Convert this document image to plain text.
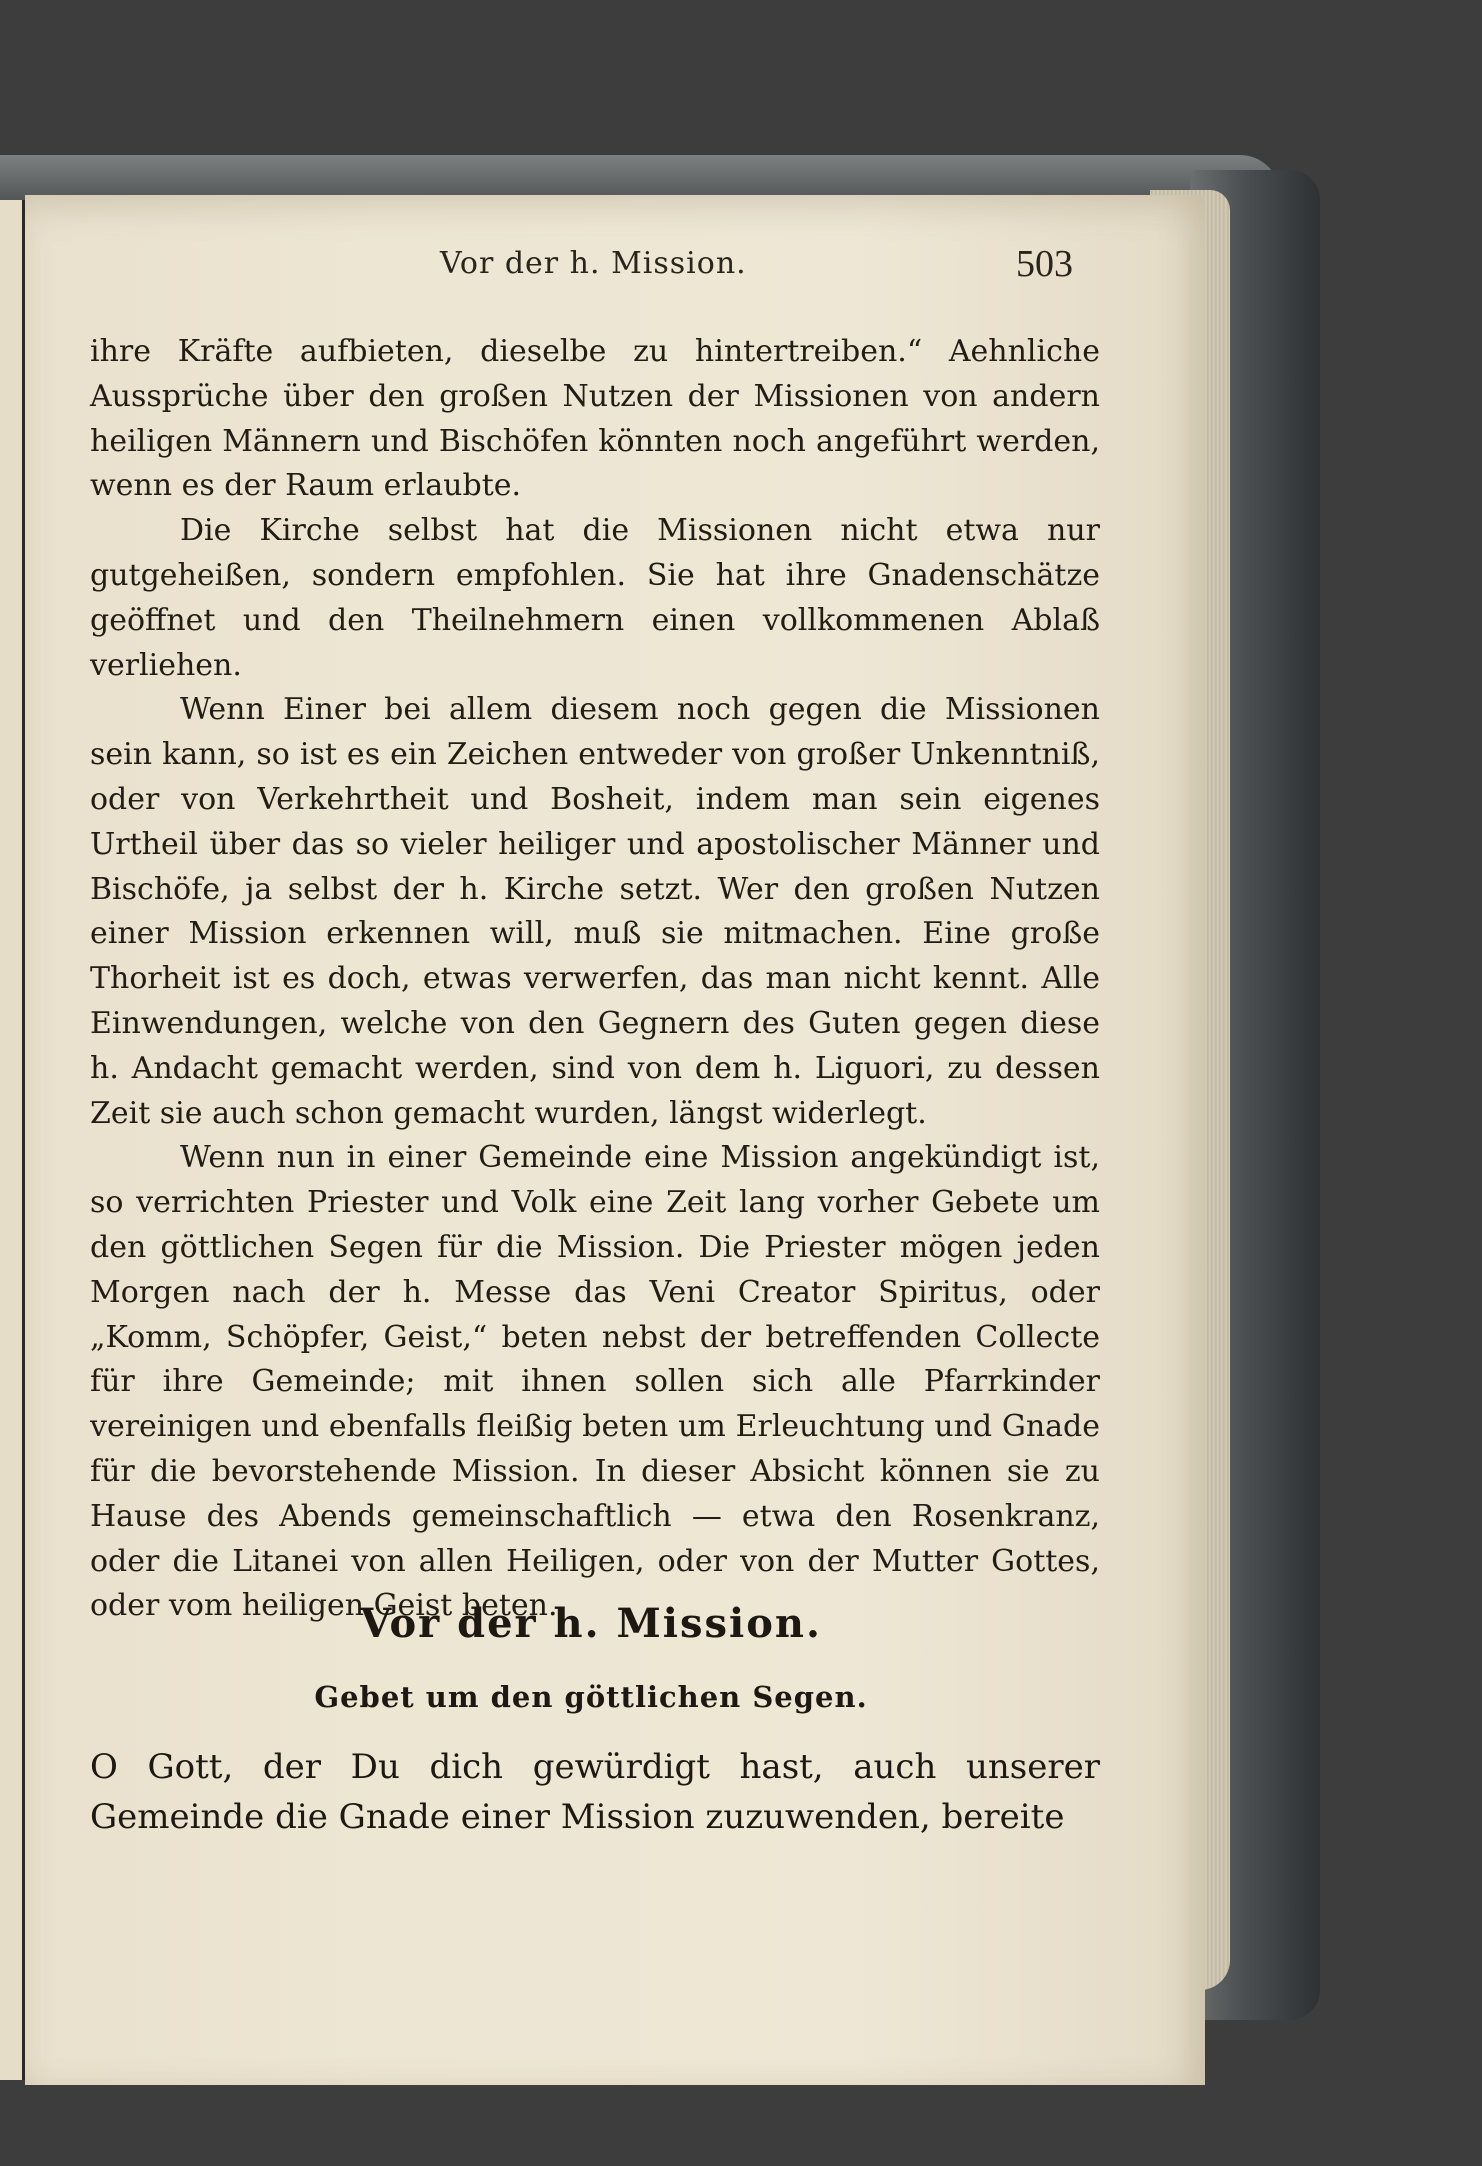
Vor der h. Mission.	503

ihre Kräfte aufbieten, dieselbe zu hintertreiben.“ Aehnliche Aussprüche über den großen Nutzen der Missionen von andern heiligen Männern und Bischöfen könnten noch angeführt werden, wenn es der Raum erlaubte.

Die Kirche selbst hat die Missionen nicht etwa nur gutgeheißen, sondern empfohlen. Sie hat ihre Gnadenschätze geöffnet und den Theilnehmern einen vollkommenen Ablaß verliehen.

Wenn Einer bei allem diesem noch gegen die Missionen sein kann, so ist es ein Zeichen entweder von großer Unkenntniß, oder von Verkehrtheit und Bosheit, indem man sein eigenes Urtheil über das so vieler heiliger und apostolischer Männer und Bischöfe, ja selbst der h. Kirche setzt. Wer den großen Nutzen einer Mission erkennen will, muß sie mitmachen. Eine große Thorheit ist es doch, etwas verwerfen, das man nicht kennt. Alle Einwendungen, welche von den Gegnern des Guten gegen diese h. Andacht gemacht werden, sind von dem h. Liguori, zu dessen Zeit sie auch schon gemacht wurden, längst widerlegt.

Wenn nun in einer Gemeinde eine Mission angekündigt ist, so verrichten Priester und Volk eine Zeit lang vorher Gebete um den göttlichen Segen für die Mission. Die Priester mögen jeden Morgen nach der h. Messe das Veni Creator Spiritus, oder „Komm, Schöpfer, Geist,“ beten nebst der betreffenden Collecte für ihre Gemeinde; mit ihnen sollen sich alle Pfarrkinder vereinigen und ebenfalls fleißig beten um Erleuchtung und Gnade für die bevorstehende Mission. In dieser Absicht können sie zu Hause des Abends gemeinschaftlich — etwa den Rosenkranz, oder die Litanei von allen Heiligen, oder von der Mutter Gottes, oder vom heiligen Geist beten.

Vor der h. Mission.
Gebet um den göttlichen Segen.

O Gott, der Du dich gewürdigt hast, auch unserer Gemeinde die Gnade einer Mission zuzuwenden, bereite
